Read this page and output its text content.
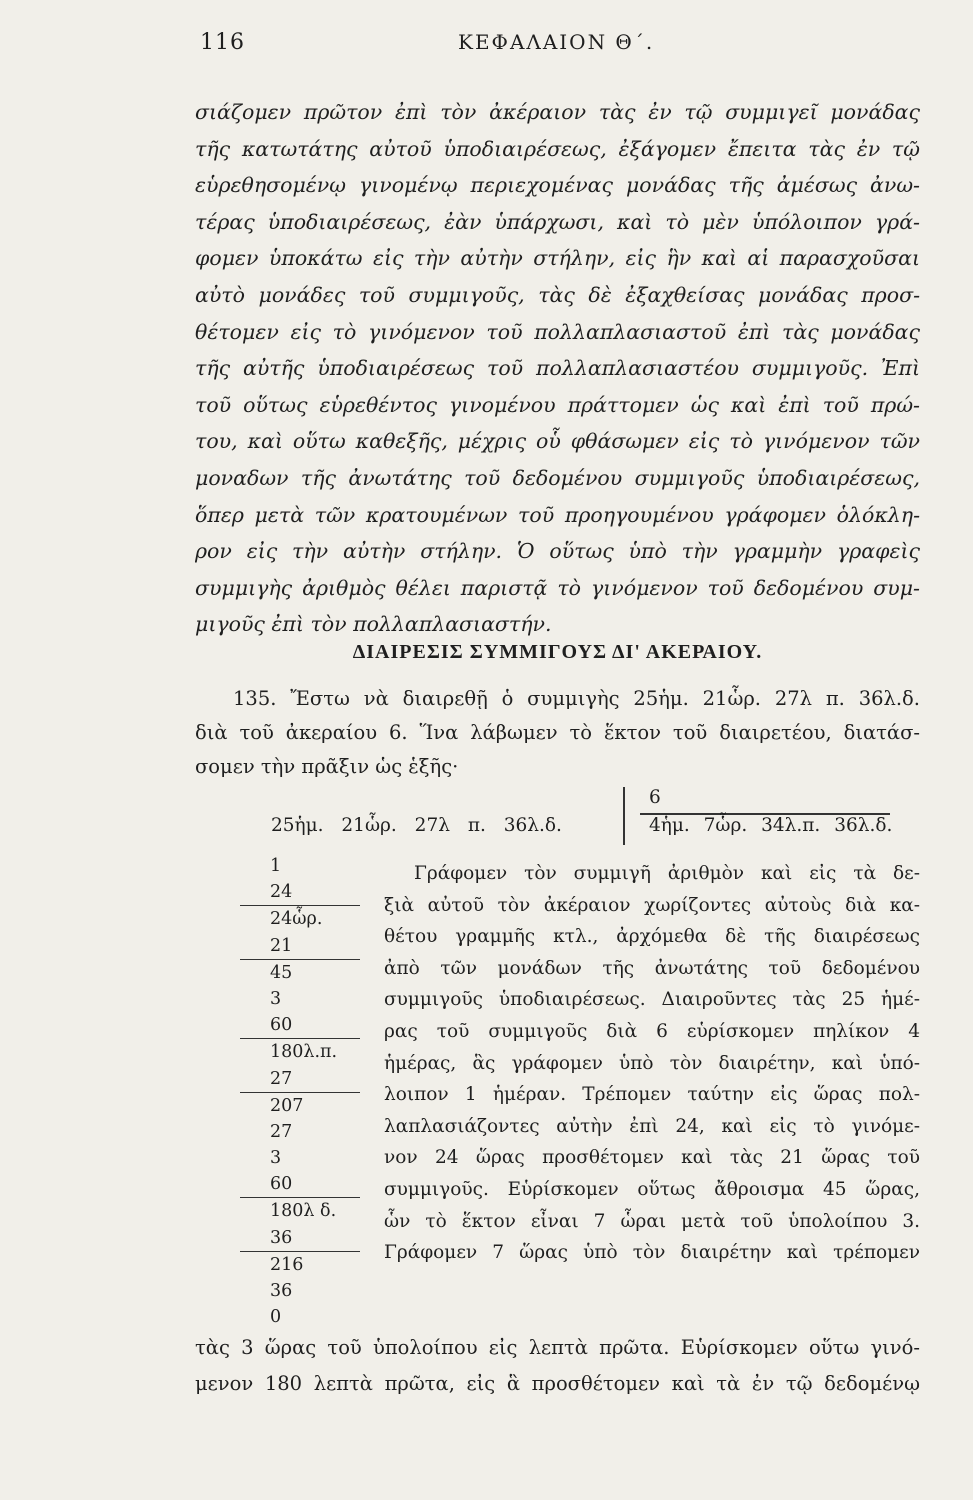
116	ΚΕΦΑΛΑΙΟΝ Θ΄.
σιάζομεν πρῶτον ἐπὶ τὸν ἀκέραιον τὰς ἐν τῷ συμμιγεῖ μονάδας
τῆς κατωτάτης αὐτοῦ ὑποδιαιρέσεως, ἐξάγομεν ἔπειτα τὰς ἐν τῷ
εὑρεθησομένῳ γινομένῳ περιεχομένας μονάδας τῆς ἀμέσως ἀνω-
τέρας ὑποδιαιρέσεως, ἐὰν ὑπάρχωσι, καὶ τὸ μὲν ὑπόλοιπον γρά-
φομεν ὑποκάτω εἰς τὴν αὐτὴν στήλην, εἰς ἣν καὶ αἱ παρασχοῦσαι
αὐτὸ μονάδες τοῦ συμμιγοῦς, τὰς δὲ ἐξαχθείσας μονάδας προσ-
θέτομεν εἰς τὸ γινόμενον τοῦ πολλαπλασιαστοῦ ἐπὶ τὰς μονάδας
τῆς αὐτῆς ὑποδιαιρέσεως τοῦ πολλαπλασιαστέου συμμιγοῦς. Ἐπὶ
τοῦ οὕτως εὑρεθέντος γινομένου πράττομεν ὡς καὶ ἐπὶ τοῦ πρώ-
του, καὶ οὕτω καθεξῆς, μέχρις οὗ φθάσωμεν εἰς τὸ γινόμενον τῶν
μοναδων τῆς ἀνωτάτης τοῦ δεδομένου συμμιγοῦς ὑποδιαιρέσεως,
ὅπερ μετὰ τῶν κρατουμένων τοῦ προηγουμένου γράφομεν ὁλόκλη-
ρον εἰς τὴν αὐτὴν στήλην. Ὁ οὕτως ὑπὸ τὴν γραμμὴν γραφεὶς
συμμιγὴς ἀριθμὸς θέλει παριστᾷ τὸ γινόμενον τοῦ δεδομένου συμ-
μιγοῦς ἐπὶ τὸν πολλαπλασιαστήν.
ΔΙΑΙΡΕΣΙΣ ΣΥΜΜΙΓΟΥΣ ΔΙ' ΑΚΕΡΑΙΟΥ.
135. Ἔστω νὰ διαιρεθῇ ὁ συμμιγὴς 25ἡμ. 21ὧρ. 27λ π. 36λ.δ.
διὰ τοῦ ἀκεραίου 6. Ἵνα λάβωμεν τὸ ἕκτον τοῦ διαιρετέου, διατάσ-
σομεν τὴν πρᾶξιν ὡς ἑξῆς·
25ἡμ. 21ὧρ. 27λ π. 36λ.δ.
6
4ἡμ. 7ὧρ. 34λ.π. 36λ.δ.
1
24
24ὧρ.
21
45
3
60
180λ.π.
27
207
27
3
60
180λ δ.
36
216
36
0
Γράφομεν τὸν συμμιγῆ ἀριθμὸν καὶ εἰς τὰ δε-
ξιὰ αὐτοῦ τὸν ἀκέραιον χωρίζοντες αὐτοὺς διὰ κα-
θέτου γραμμῆς κτλ., ἀρχόμεθα δὲ τῆς διαιρέσεως
ἀπὸ τῶν μονάδων τῆς ἀνωτάτης τοῦ δεδομένου
συμμιγοῦς ὑποδιαιρέσεως. Διαιροῦντες τὰς 25 ἡμέ-
ρας τοῦ συμμιγοῦς διὰ 6 εὑρίσκομεν πηλίκον 4
ἡμέρας, ἃς γράφομεν ὑπὸ τὸν διαιρέτην, καὶ ὑπό-
λοιπον 1 ἡμέραν. Τρέπομεν ταύτην εἰς ὥρας πολ-
λαπλασιάζοντες αὐτὴν ἐπὶ 24, καὶ εἰς τὸ γινόμε-
νον 24 ὥρας προσθέτομεν καὶ τὰς 21 ὥρας τοῦ
συμμιγοῦς. Εὑρίσκομεν οὕτως ἄθροισμα 45 ὥρας,
ὧν τὸ ἕκτον εἶναι 7 ὧραι μετὰ τοῦ ὑπολοίπου 3.
Γράφομεν 7 ὥρας ὑπὸ τὸν διαιρέτην καὶ τρέπομεν
τὰς 3 ὥρας τοῦ ὑπολοίπου εἰς λεπτὰ πρῶτα. Εὑρίσκομεν οὕτω γινό-
μενον 180 λεπτὰ πρῶτα, εἰς ἃ προσθέτομεν καὶ τὰ ἐν τῷ δεδομένῳ
